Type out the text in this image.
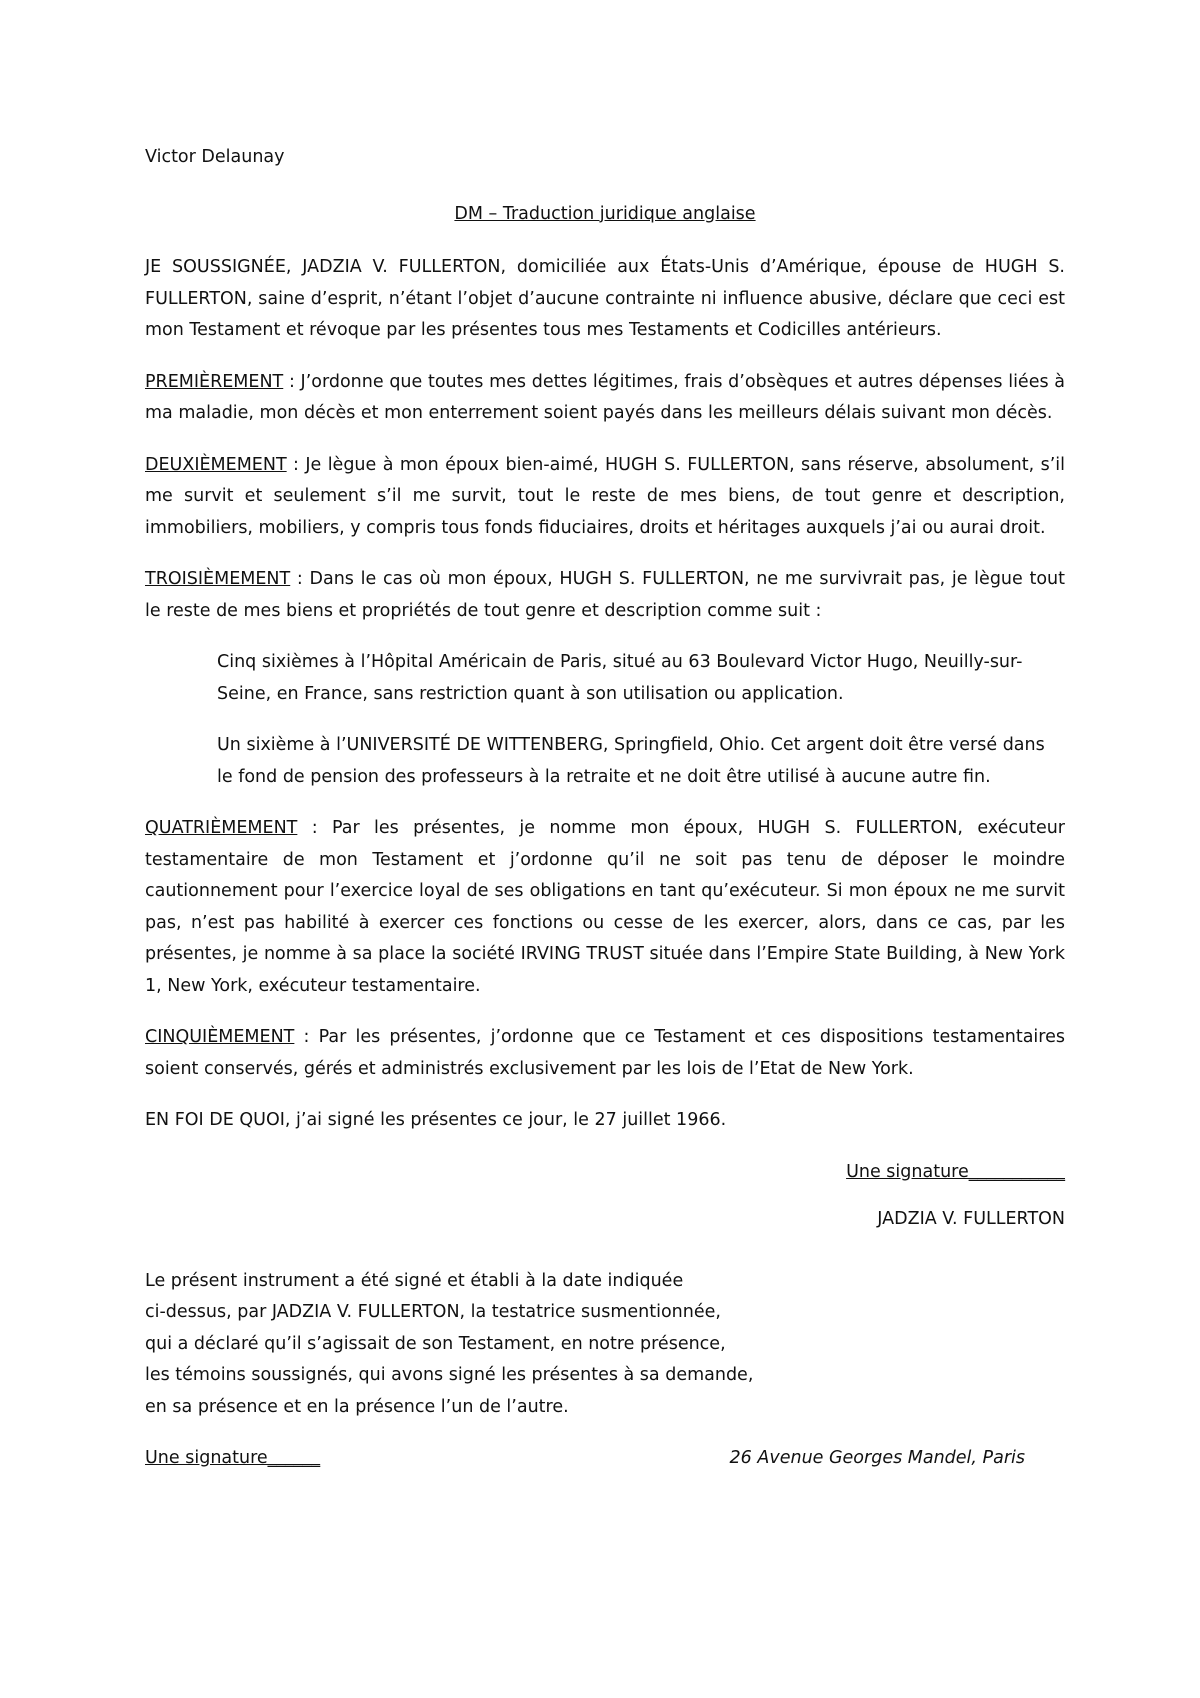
Victor Delaunay
DM – Traduction juridique anglaise
JE SOUSSIGNÉE, JADZIA V. FULLERTON, domiciliée aux États-Unis d’Amérique, épouse de HUGH S. FULLERTON, saine d’esprit, n’étant l’objet d’aucune contrainte ni influence abusive, déclare que ceci est mon Testament et révoque par les présentes tous mes Testaments et Codicilles antérieurs.
PREMIÈREMENT : J’ordonne que toutes mes dettes légitimes, frais d’obsèques et autres dépenses liées à ma maladie, mon décès et mon enterrement soient payés dans les meilleurs délais suivant mon décès.
DEUXIÈMEMENT : Je lègue à mon époux bien-aimé, HUGH S. FULLERTON, sans réserve, absolument, s’il me survit et seulement s’il me survit, tout le reste de mes biens, de tout genre et description, immobiliers, mobiliers, y compris tous fonds fiduciaires, droits et héritages auxquels j’ai ou aurai droit.
TROISIÈMEMENT : Dans le cas où mon époux, HUGH S. FULLERTON, ne me survivrait pas, je lègue tout le reste de mes biens et propriétés de tout genre et description comme suit :
Cinq sixièmes à l’Hôpital Américain de Paris, situé au 63 Boulevard Victor Hugo, Neuilly-sur-Seine, en France, sans restriction quant à son utilisation ou application.
Un sixième à l’UNIVERSITÉ DE WITTENBERG, Springfield, Ohio. Cet argent doit être versé dans le fond de pension des professeurs à la retraite et ne doit être utilisé à aucune autre fin.
QUATRIÈMEMENT : Par les présentes, je nomme mon époux, HUGH S. FULLERTON, exécuteur testamentaire de mon Testament et j’ordonne qu’il ne soit pas tenu de déposer le moindre cautionnement pour l’exercice loyal de ses obligations en tant qu’exécuteur. Si mon époux ne me survit pas, n’est pas habilité à exercer ces fonctions ou cesse de les exercer, alors, dans ce cas, par les présentes, je nomme à sa place la société IRVING TRUST située dans l’Empire State Building, à New York 1, New York, exécuteur testamentaire.
CINQUIÈMEMENT : Par les présentes, j’ordonne que ce Testament et ces dispositions testamentaires soient conservés, gérés et administrés exclusivement par les lois de l’Etat de New York.
EN FOI DE QUOI, j’ai signé les présentes ce jour, le 27 juillet 1966.
Une signature___________
JADZIA V. FULLERTON
Le présent instrument a été signé et établi à la date indiquée
ci-dessus, par JADZIA V. FULLERTON, la testatrice susmentionnée,
qui a déclaré qu’il s’agissait de son Testament, en notre présence,
les témoins soussignés, qui avons signé les présentes à sa demande,
en sa présence et en la présence l’un de l’autre.
Une signature______	26 Avenue Georges Mandel, Paris
